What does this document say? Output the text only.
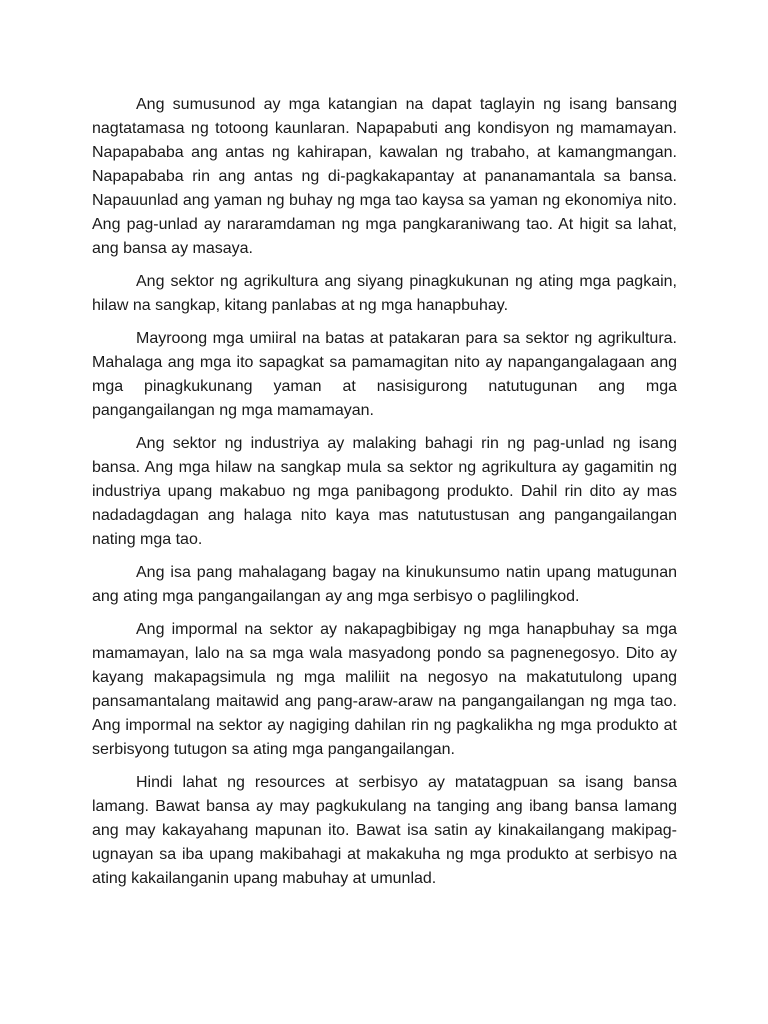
Ang sumusunod ay mga katangian na dapat taglayin ng isang bansang nagtatamasa ng totoong kaunlaran. Napapabuti ang kondisyon ng mamamayan. Napapababa ang antas ng kahirapan, kawalan ng trabaho, at kamangmangan. Napapababa rin ang antas ng di-pagkakapantay at pananamantala sa bansa. Napauunlad ang yaman ng buhay ng mga tao kaysa sa yaman ng ekonomiya nito. Ang pag-unlad ay nararamdaman ng mga pangkaraniwang tao. At higit sa lahat, ang bansa ay masaya.

Ang sektor ng agrikultura ang siyang pinagkukunan ng ating mga pagkain, hilaw na sangkap, kitang panlabas at ng mga hanapbuhay.

Mayroong mga umiiral na batas at patakaran para sa sektor ng agrikultura. Mahalaga ang mga ito sapagkat sa pamamagitan nito ay napangangalagaan ang mga pinagkukunang yaman at nasisigurong natutugunan ang mga pangangailangan ng mga mamamayan.

Ang sektor ng industriya ay malaking bahagi rin ng pag-unlad ng isang bansa. Ang mga hilaw na sangkap mula sa sektor ng agrikultura ay gagamitin ng industriya upang makabuo ng mga panibagong produkto. Dahil rin dito ay mas nadadagdagan ang halaga nito kaya mas natutustusan ang pangangailangan nating mga tao.

Ang isa pang mahalagang bagay na kinukunsumo natin upang matugunan ang ating mga pangangailangan ay ang mga serbisyo o paglilingkod.

Ang impormal na sektor ay nakapagbibigay ng mga hanapbuhay sa mga mamamayan, lalo na sa mga wala masyadong pondo sa pagnenegosyo. Dito ay kayang makapagsimula ng mga maliliit na negosyo na makatutulong upang pansamantalang maitawid ang pang-araw-araw na pangangailangan ng mga tao. Ang impormal na sektor ay nagiging dahilan rin ng pagkalikha ng mga produkto at serbisyong tutugon sa ating mga pangangailangan.

Hindi lahat ng resources at serbisyo ay matatagpuan sa isang bansa lamang. Bawat bansa ay may pagkukulang na tanging ang ibang bansa lamang ang may kakayahang mapunan ito. Bawat isa satin ay kinakailangang makipag-ugnayan sa iba upang makibahagi at makakuha ng mga produkto at serbisyo na ating kakailanganin upang mabuhay at umunlad.
